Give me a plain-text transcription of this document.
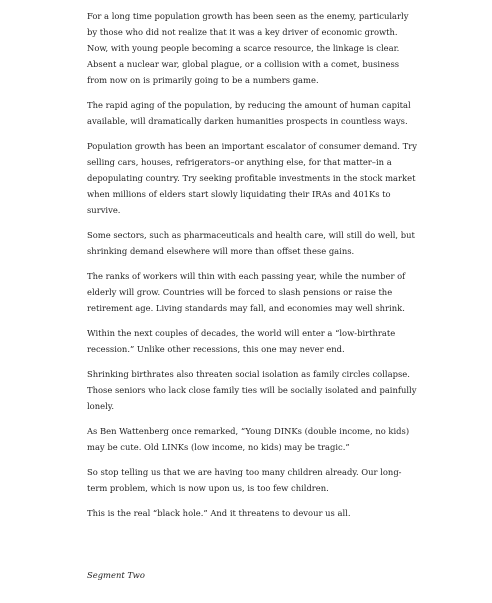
For a long time population growth has been seen as the enemy, particularly by those who did not realize that it was a key driver of economic growth. Now, with young people becoming a scarce resource, the linkage is clear. Absent a nuclear war, global plague, or a collision with a comet, business from now on is primarily going to be a numbers game.

The rapid aging of the population, by reducing the amount of human capital available, will dramatically darken humanities prospects in countless ways.

Population growth has been an important escalator of consumer demand. Try selling cars, houses, refrigerators–or anything else, for that matter–in a depopulating country. Try seeking profitable investments in the stock market when millions of elders start slowly liquidating their IRAs and 401Ks to survive.

Some sectors, such as pharmaceuticals and health care, will still do well, but shrinking demand elsewhere will more than offset these gains.

The ranks of workers will thin with each passing year, while the number of elderly will grow. Countries will be forced to slash pensions or raise the retirement age. Living standards may fall, and economies may well shrink.

Within the next couples of decades, the world will enter a “low-birthrate recession.” Unlike other recessions, this one may never end.

Shrinking birthrates also threaten social isolation as family circles collapse. Those seniors who lack close family ties will be socially isolated and painfully lonely.

As Ben Wattenberg once remarked, “Young DINKs (double income, no kids) may be cute. Old LINKs (low income, no kids) may be tragic.”

So stop telling us that we are having too many children already. Our long-term problem, which is now upon us, is too few children.

This is the real “black hole.” And it threatens to devour us all.

Segment Two
